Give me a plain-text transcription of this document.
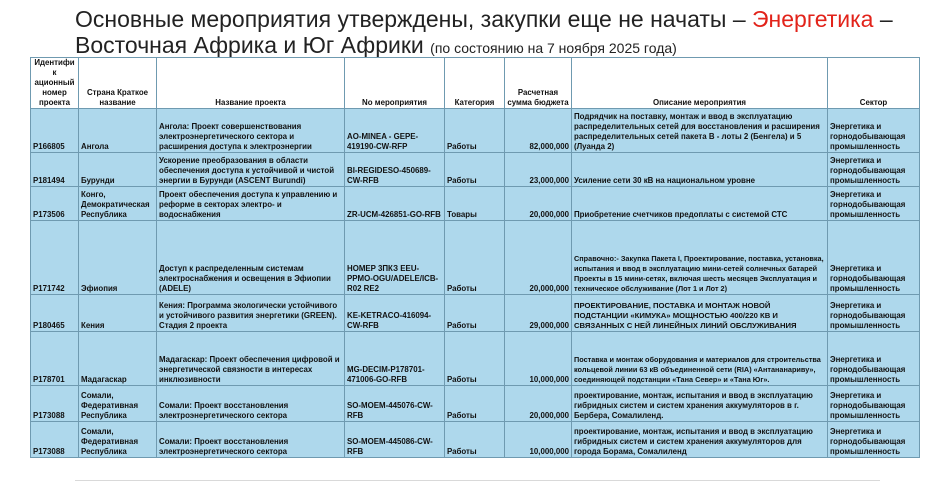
Основные мероприятия утверждены, закупки еще не начаты – Энергетика –
Восточная Африка и Юг Африки (по состоянию на 7 ноября 2025 года)
Идентифик ационный номер проекта	Страна Краткое название	Название проекта	No мероприятия	Категория	Расчетная сумма бюджета	Описание мероприятия	Сектор
P166805	Ангола	Ангола: Проект совершенствования электроэнергетического сектора и расширения доступа к электроэнергии	AO-MINEA - GEPE-419190-CW-RFP	Работы	82,000,000	Подрядчик на поставку, монтаж и ввод в эксплуатацию распределительных сетей для восстановления и расширения распределительных сетей пакета В - лоты 2 (Бенгела) и 5 (Луанда 2)	Энергетика и горнодобывающая промышленность
P181494	Бурунди	Ускорение преобразования в области обеспечения доступа к устойчивой и чистой энергии в Бурунди (ASCENT Burundi)	BI-REGIDESO-450689-CW-RFB	Работы	23,000,000	Усиление сети 30 кВ на национальном уровне	Энергетика и горнодобывающая промышленность
P173506	Конго, Демократическая Республика	Проект обеспечения доступа к управлению и реформе в секторах электро- и водоснабжения	ZR-UCM-426851-GO-RFB	Товары	20,000,000	Приобретение счетчиков предоплаты с системой СТС	Энергетика и горнодобывающая промышленность
P171742	Эфиопия	Доступ к распределенным системам электроснабжения и освещения в Эфиопии (ADELE)	HOMEP 3ПКЗ EEU-PPMO-OGU/ADELE/ICB-R02 RE2	Работы	20,000,000	Справочно:- Закупка Пакета I, Проектирование, поставка, установка, испытания и ввод в эксплуатацию мини-сетей солнечных батарей Проекты в 15 мини-сетях, включая шесть месяцев Эксплуатация и техническое обслуживание (Лот 1 и Лот 2)	Энергетика и горнодобывающая промышленность
P180465	Кения	Кения: Программа экологически устойчивого и устойчивого развития энергетики (GREEN). Стадия 2 проекта	KE-KETRACO-416094-CW-RFB	Работы	29,000,000	ПРОЕКТИРОВАНИЕ, ПОСТАВКА И МОНТАЖ НОВОЙ ПОДСТАНЦИИ «КИМУКА» МОЩНОСТЬЮ 400/220 КВ И СВЯЗАННЫХ С НЕЙ ЛИНЕЙНЫХ ЛИНИЙ ОБСЛУЖИВАНИЯ	Энергетика и горнодобывающая промышленность
P178701	Мадагаскар	Мадагаскар: Проект обеспечения цифровой и энергетической связности в интересах инклюзивности	MG-DECIM-P178701-471006-GO-RFB	Работы	10,000,000	Поставка и монтаж оборудования и материалов для строительства кольцевой линии 63 кВ объединенной сети (RIA) «Антананариву», соединяющей подстанции «Тана Север» и «Тана Юг».	Энергетика и горнодобывающая промышленность
P173088	Сомали, Федеративная Республика	Сомали: Проект восстановления электроэнергетического сектора	SO-MOEM-445076-CW-RFB	Работы	20,000,000	проектирование, монтаж, испытания и ввод в эксплуатацию гибридных систем и систем хранения аккумуляторов в г. Бербера, Сомалиленд.	Энергетика и горнодобывающая промышленность
P173088	Сомали, Федеративная Республика	Сомали: Проект восстановления электроэнергетического сектора	SO-MOEM-445086-CW-RFB	Работы	10,000,000	проектирование, монтаж, испытания и ввод в эксплуатацию гибридных систем и систем хранения аккумуляторов для города Борама, Сомалиленд	Энергетика и горнодобывающая промышленность
